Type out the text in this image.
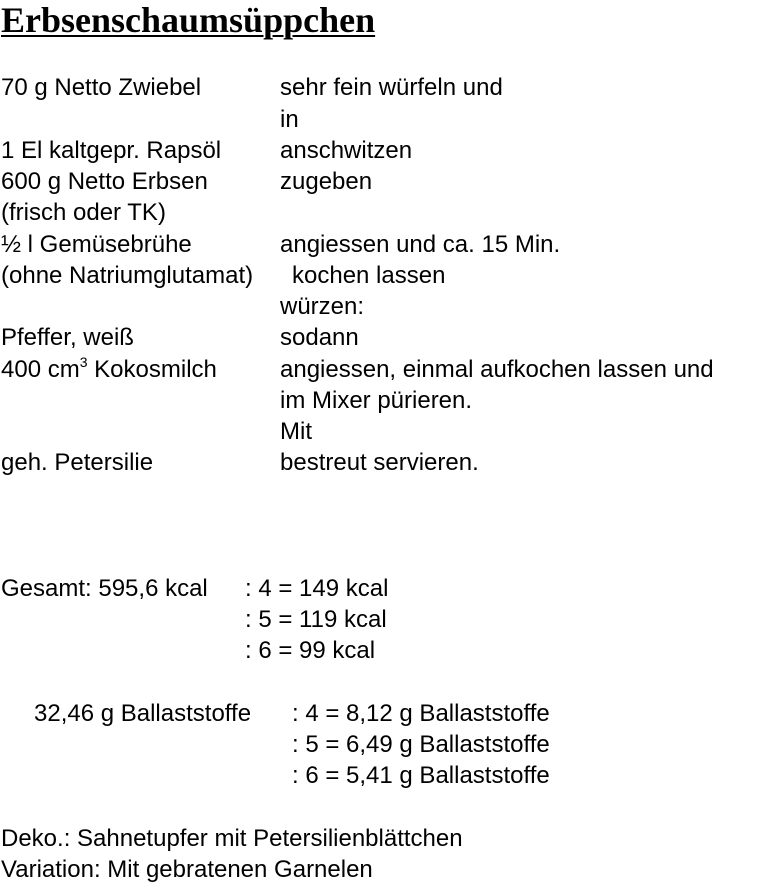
Erbsenschaumsüppchen
70 g Netto Zwiebel	sehr fein würfeln und
in
1 El kaltgepr. Rapsöl anschwitzen
600 g Netto Erbsen	zugeben
(frisch oder TK)
½ l Gemüsebrühe	angiessen und ca. 15 Min.
(ohne Natriumglutamat) kochen lassen
würzen:
Pfeffer, weiß	sodann
400 $cm^3$ Kokosmilch	angiessen, einmal aufkochen lassen und
im Mixer pürieren.
Mit
geh. Petersilie	bestreut servieren.
Gesamt: 595,6 kcal : 4 = 149 kcal
: 5 = 119 kcal
: 6 = 99 kcal
32,46 g Ballaststoffe : 4 = 8,12 g Ballaststoffe
: 5 = 6,49 g Ballaststoffe
: 6 = 5,41 g Ballaststoffe
Deko.: Sahnetupfer mit Petersilienblättchen
Variation: Mit gebratenen Garnelen
